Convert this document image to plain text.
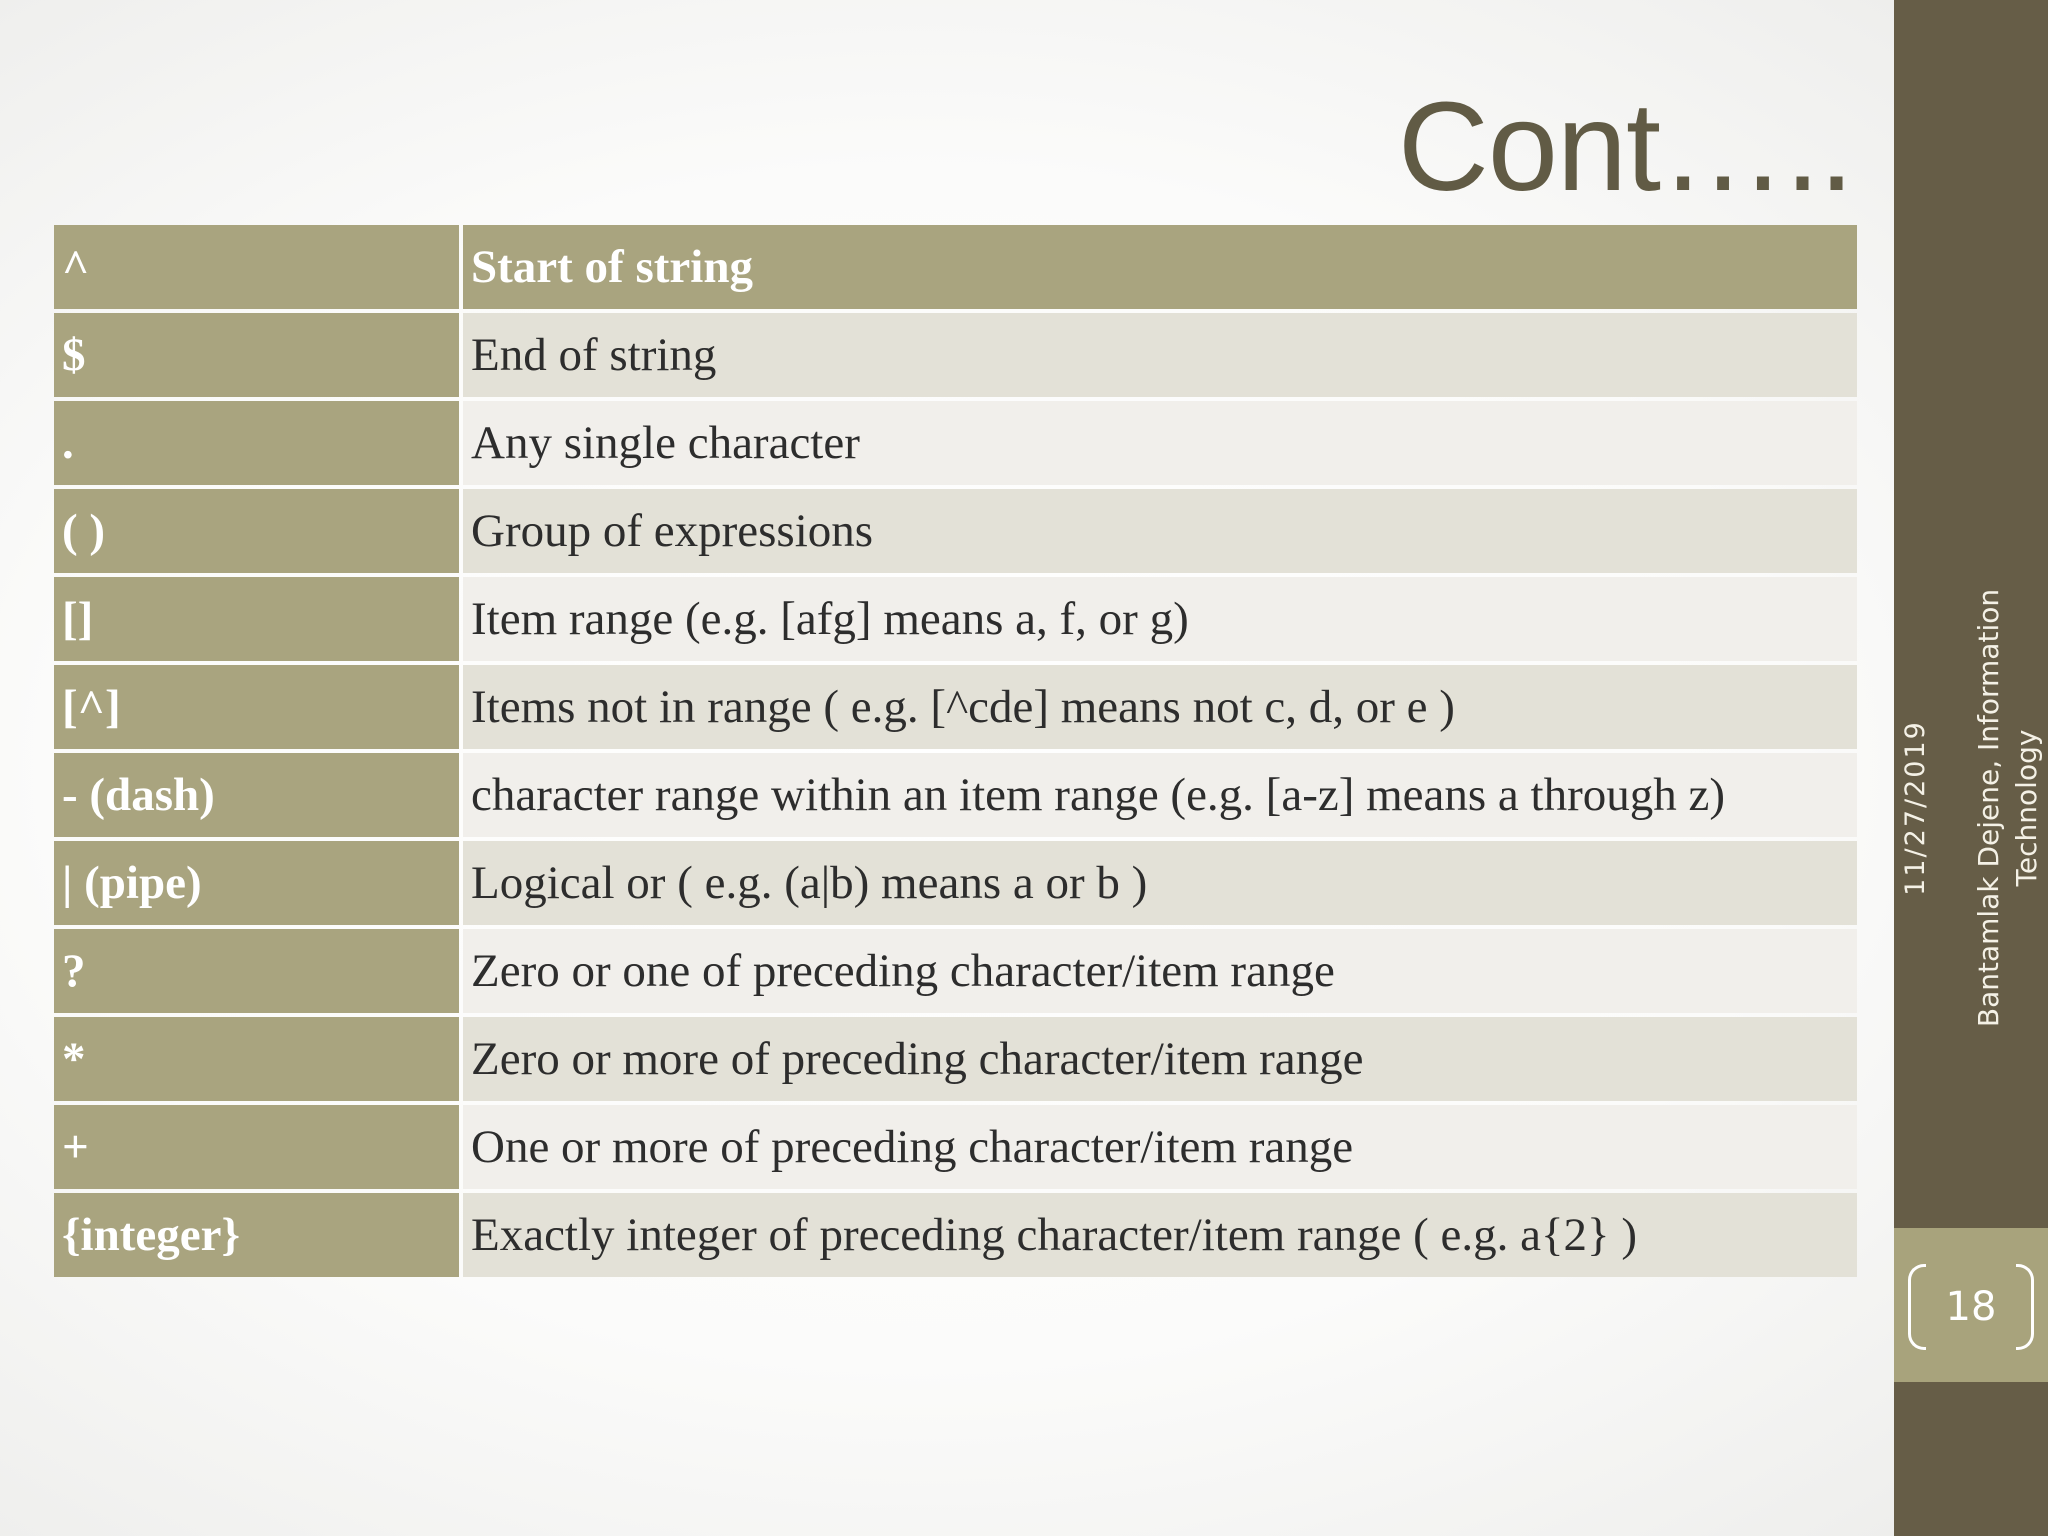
Cont…..
^	Start of string
$	End of string
.	Any single character
( )	Group of expressions
[]	Item range (e.g. [afg] means a, f, or g)
[^]	Items not in range ( e.g. [^cde] means not c, d, or e )
- (dash)	character range within an item range (e.g. [a-z] means a through z)
| (pipe)	Logical or ( e.g. (a|b) means a or b )
?	Zero or one of preceding character/item range
*	Zero or more of preceding character/item range
+	One or more of preceding character/item range
{integer}	Exactly integer of preceding character/item range ( e.g. a{2} )
11/27/2019 Bantamlak Dejene, Information Technology
18
